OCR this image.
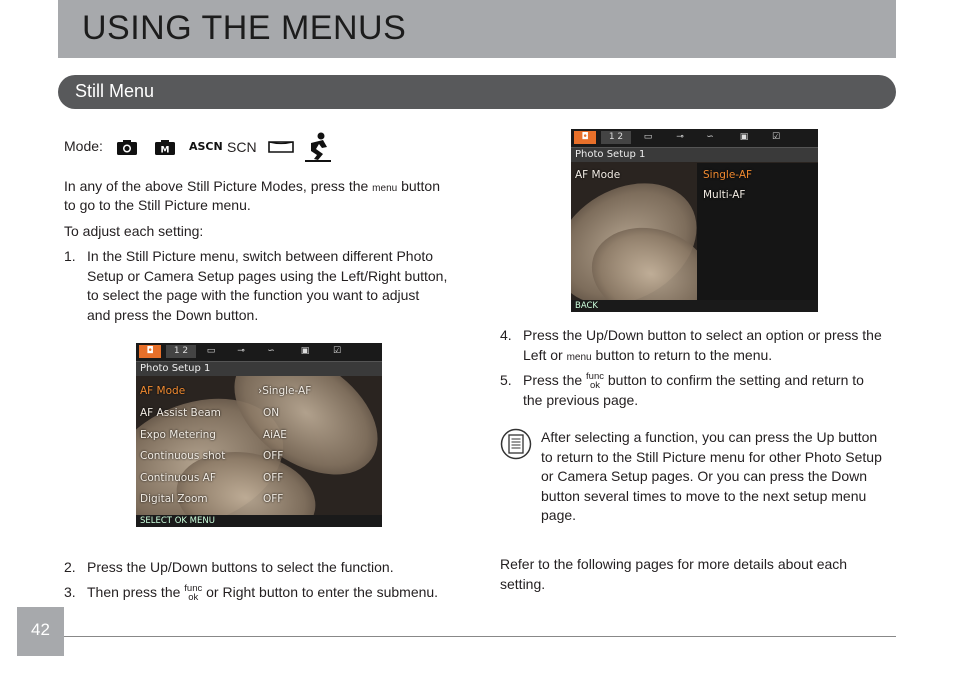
USING THE MENUS
Still Menu
Mode:	M ASCN SCN
In any of the above Still Picture Modes, press the menu button
to go to the Still Picture menu.
To adjust each setting:
1. In the Still Picture menu, switch between different Photo
Setup or Camera Setup pages using the Left/Right button,
to select the page with the function you want to adjust
and press the Down button.
◘	1 2	▭	⊸	∽	▣	☑
Photo Setup 1
AF Mode	›Single-AF
AF Assist Beam	ON
Expo Metering	AiAE
Continuous shot	OFF
Continuous AF	OFF
Digital Zoom	OFF
SELECT OK MENU
2. Press the Up/Down buttons to select the function.
3. Then press the func
ok or Right button to enter the submenu.
◘	1 2	▭	⊸	∽	▣	☑
Photo Setup 1
AF Mode	Single-AF
Multi-AF
BACK
4. Press the Up/Down button to select an option or press the
Left or menu button to return to the menu.
5. Press the func
ok button to confirm the setting and return to
the previous page.
After selecting a function, you can press the Up button
to return to the Still Picture menu for other Photo Setup
or Camera Setup pages. Or you can press the Down
button several times to move to the next setup menu
page.
Refer to the following pages for more details about each
setting.
42
